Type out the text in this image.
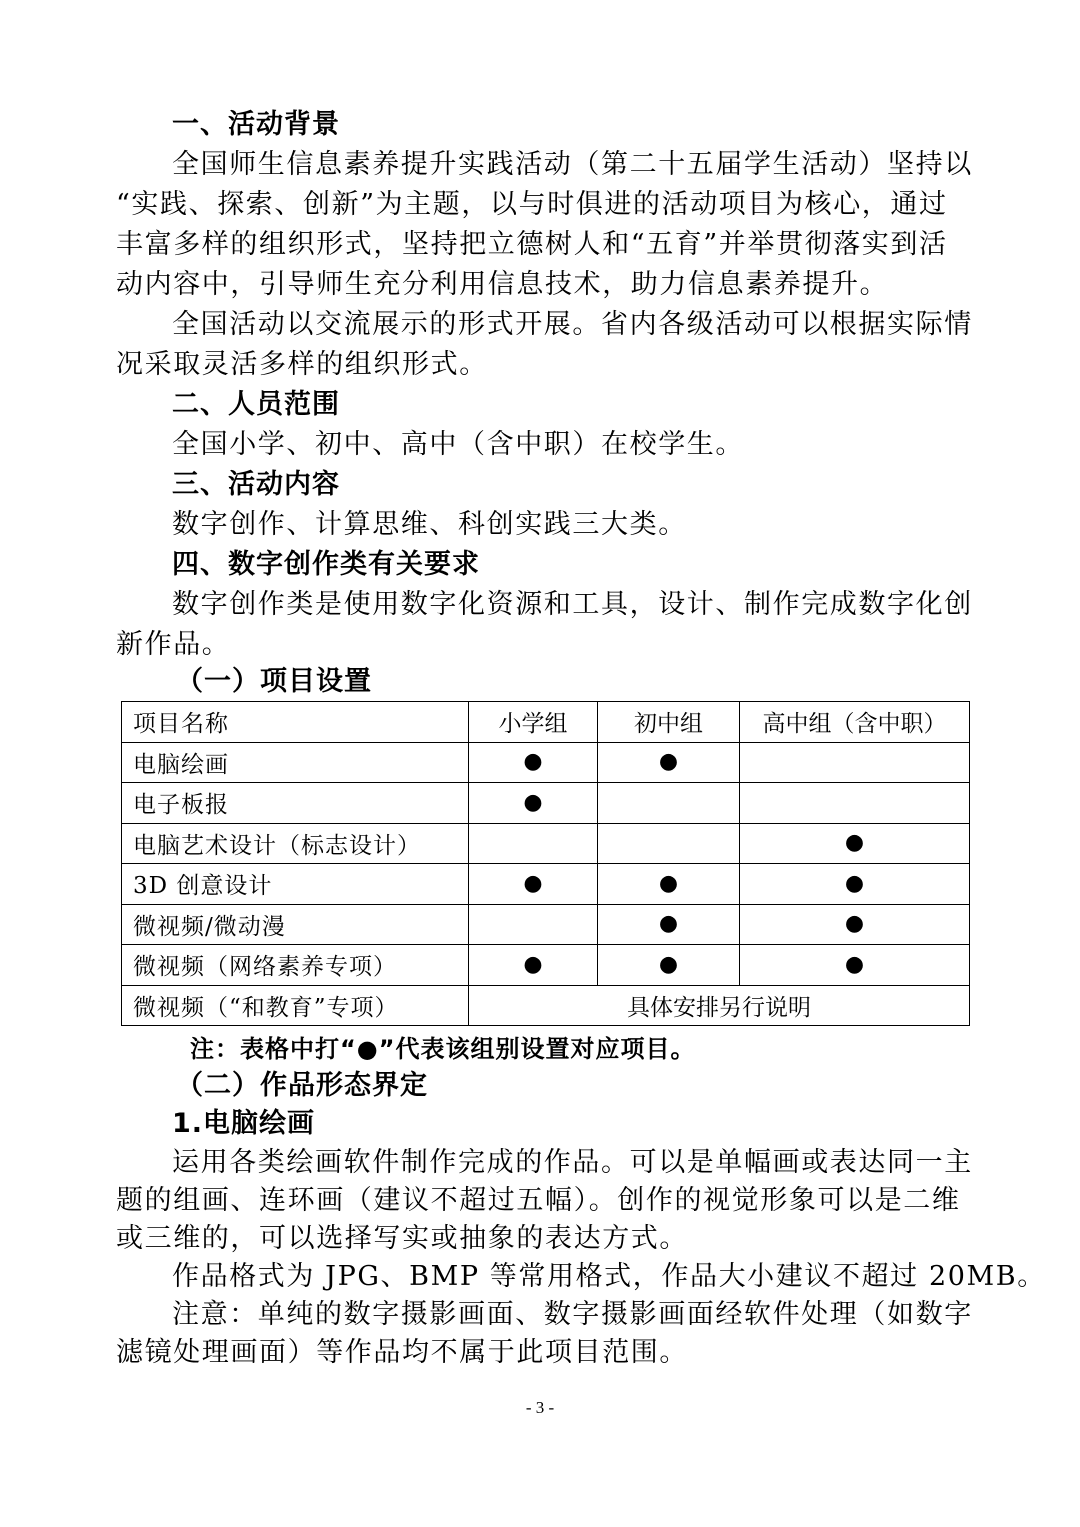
一、活动背景
全国师生信息素养提升实践活动（第二十五届学生活动）坚持以
“实践、探索、创新”为主题，以与时俱进的活动项目为核心，通过
丰富多样的组织形式，坚持把立德树人和“五育”并举贯彻落实到活
动内容中，引导师生充分利用信息技术，助力信息素养提升。
全国活动以交流展示的形式开展。省内各级活动可以根据实际情
况采取灵活多样的组织形式。
二、人员范围
全国小学、初中、高中（含中职）在校学生。
三、活动内容
数字创作、计算思维、科创实践三大类。
四、数字创作类有关要求
数字创作类是使用数字化资源和工具，设计、制作完成数字化创
新作品。
（一）项目设置
项目名称	小学组	初中组	高中组（含中职）
电脑绘画	●	●	
电子板报	●		
电脑艺术设计（标志设计）			●
3D 创意设计	●	●	●
微视频/微动漫		●	●
微视频（网络素养专项）	●	●	●
微视频（“和教育”专项）	具体安排另行说明		
注：表格中打“●”代表该组别设置对应项目。
（二）作品形态界定
1.电脑绘画
运用各类绘画软件制作完成的作品。可以是单幅画或表达同一主
题的组画、连环画（建议不超过五幅）。创作的视觉形象可以是二维
或三维的，可以选择写实或抽象的表达方式。
作品格式为 JPG、BMP 等常用格式，作品大小建议不超过 20MB。
注意：单纯的数字摄影画面、数字摄影画面经软件处理（如数字
滤镜处理画面）等作品均不属于此项目范围。
- 3 -
